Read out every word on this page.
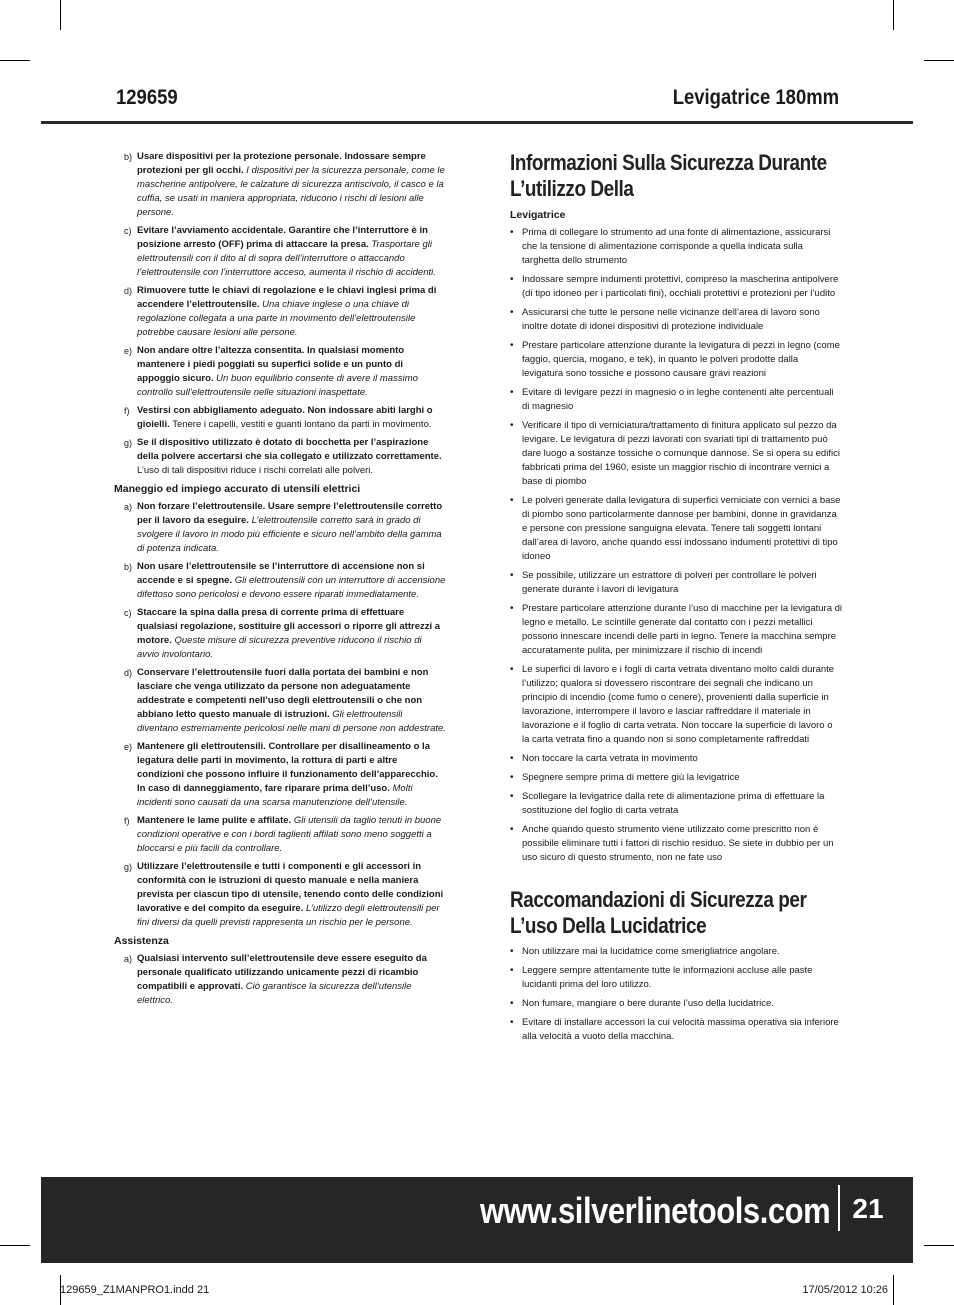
129659	Levigatrice 180mm
b) Usare dispositivi per la protezione personale. Indossare sempre protezioni per gli occhi. I dispositivi per la sicurezza personale, come le mascherine antipolvere, le calzature di sicurezza antiscivolo, il casco e la cuffia, se usati in maniera appropriata, riducono i rischi di lesioni alle persone.
c) Evitare l’avviamento accidentale. Garantire che l’interruttore è in posizione arresto (OFF) prima di attaccare la presa. Trasportare gli elettroutensili con il dito al di sopra dell’interruttore o attaccando l’elettroutensile con l’interruttore acceso, aumenta il rischio di accidenti.
d) Rimuovere tutte le chiavi di regolazione e le chiavi inglesi prima di accendere l’elettroutensile. Una chiave inglese o una chiave di regolazione collegata a una parte in movimento dell’elettroutensile potrebbe causare lesioni alle persone.
e) Non andare oltre l’altezza consentita. In qualsiasi momento mantenere i piedi poggiati su superfici solide e un punto di appoggio sicuro. Un buon equilibrio consente di avere il massimo controllo sull’elettroutensile nelle situazioni inaspettate.
f) Vestirsi con abbigliamento adeguato. Non indossare abiti larghi o gioielli. Tenere i capelli, vestiti e guanti lontano da parti in movimento.
g) Se il dispositivo utilizzato è dotato di bocchetta per l’aspirazione della polvere accertarsi che sia collegato e utilizzato correttamente. L’uso di tali dispositivi riduce i rischi correlati alle polveri.
Maneggio ed impiego accurato di utensili elettrici
a) Non forzare l’elettroutensile. Usare sempre l’elettroutensile corretto per il lavoro da eseguire. L’elettroutensile corretto sarà in grado di svolgere il lavoro in modo più efficiente e sicuro nell’ambito della gamma di potenza indicata.
b) Non usare l’elettroutensile se l’interruttore di accensione non si accende e si spegne. Gli elettroutensili con un interruttore di accensione difettoso sono pericolosi e devono essere riparati immediatamente.
c) Staccare la spina dalla presa di corrente prima di effettuare qualsiasi regolazione, sostituire gli accessori o riporre gli attrezzi a motore. Queste misure di sicurezza preventive riducono il rischio di avvio involontario.
d) Conservare l’elettroutensile fuori dalla portata dei bambini e non lasciare che venga utilizzato da persone non adeguatamente addestrate e competenti nell’uso degli elettroutensili o che non abbiano letto questo manuale di istruzioni. Gli elettroutensili diventano estremamente pericolosi nelle mani di persone non addestrate.
e) Mantenere gli elettroutensili. Controllare per disallineamento o la legatura delle parti in movimento, la rottura di parti e altre condizioni che possono influire il funzionamento dell’apparecchio. In caso di danneggiamento, fare riparare prima dell’uso. Molti incidenti sono causati da una scarsa manutenzione dell’utensile.
f) Mantenere le lame pulite e affilate. Gli utensili da taglio tenuti in buone condizioni operative e con i bordi taglienti affilati sono meno soggetti a bloccarsi e più facili da controllare.
g) Utilizzare l’elettroutensile e tutti i componenti e gli accessori in conformità con le istruzioni di questo manuale e nella maniera prevista per ciascun tipo di utensile, tenendo conto delle condizioni lavorative e del compito da eseguire. L’utilizzo degli elettroutensili per fini diversi da quelli previsti rappresenta un rischio per le persone.
Assistenza
a) Qualsiasi intervento sull’elettroutensile deve essere eseguito da personale qualificato utilizzando unicamente pezzi di ricambio compatibili e approvati. Ciò garantisce la sicurezza dell’utensile elettrico.
Informazioni Sulla Sicurezza Durante L’utilizzo Della
Levigatrice
• Prima di collegare lo strumento ad una fonte di alimentazione, assicurarsi che la tensione di alimentazione corrisponde a quella indicata sulla targhetta dello strumento
• Indossare sempre indumenti protettivi, compreso la mascherina antipolvere (di tipo idoneo per i particolati fini), occhiali protettivi e protezioni per l’udito
• Assicurarsi che tutte le persone nelle vicinanze dell’area di lavoro sono inoltre dotate di idonei dispositivi di protezione individuale
• Prestare particolare attenzione durante la levigatura di pezzi in legno (come faggio, quercia, mogano, e tek), in quanto le polveri prodotte dalla levigatura sono tossiche e possono causare gravi reazioni
• Evitare di levigare pezzi in magnesio o in leghe contenenti alte percentuali di magnesio
• Verificare il tipo di verniciatura/trattamento di finitura applicato sul pezzo da levigare. Le levigatura di pezzi lavorati con svariati tipi di trattamento può dare luogo a sostanze tossiche o comunque dannose. Se si opera su edifici fabbricati prima del 1960, esiste un maggior rischio di incontrare vernici a base di piombo
• Le polveri generate dalla levigatura di superfici verniciate con vernici a base di piombo sono particolarmente dannose per bambini, donne in gravidanza e persone con pressione sanguigna elevata. Tenere tali soggetti lontani dall’area di lavoro, anche quando essi indossano indumenti protettivi di tipo idoneo
• Se possibile, utilizzare un estrattore di polveri per controllare le polveri generate durante i lavori di levigatura
• Prestare particolare attenzione durante l’uso di macchine per la levigatura di legno e metallo. Le scintille generate dal contatto con i pezzi metallici possono innescare incendi delle parti in legno. Tenere la macchina sempre accuratamente pulita, per minimizzare il rischio di incendi
• Le superfici di lavoro e i fogli di carta vetrata diventano molto caldi durante l’utilizzo; qualora si dovessero riscontrare dei segnali che indicano un principio di incendio (come fumo o cenere), provenienti dalla superficie in lavorazione, interrompere il lavoro e lasciar raffreddare il materiale in lavorazione e il foglio di carta vetrata. Non toccare la superficie di lavoro o la carta vetrata fino a quando non si sono completamente raffreddati
• Non toccare la carta vetrata in movimento
• Spegnere sempre prima di mettere giù la levigatrice
• Scollegare la levigatrice dalla rete di alimentazione prima di effettuare la sostituzione del foglio di carta vetrata
• Anche quando questo strumento viene utilizzato come prescritto non è possibile eliminare tutti i fattori di rischio residuo. Se siete in dubbio per un uso sicuro di questo strumento, non ne fate uso
Raccomandazioni di Sicurezza per L’uso Della Lucidatrice
• Non utilizzare mai la lucidatrice come smerigliatrice angolare.
• Leggere sempre attentamente tutte le informazioni accluse alle paste lucidanti prima del loro utilizzo.
• Non fumare, mangiare o bere durante l’uso della lucidatrice.
• Evitare di installare accessori la cui velocità massima operativa sia inferiore alla velocità a vuoto della macchina.
www.silverlinetools.com 21
129659_Z1MANPRO1.indd 21	17/05/2012 10:26
